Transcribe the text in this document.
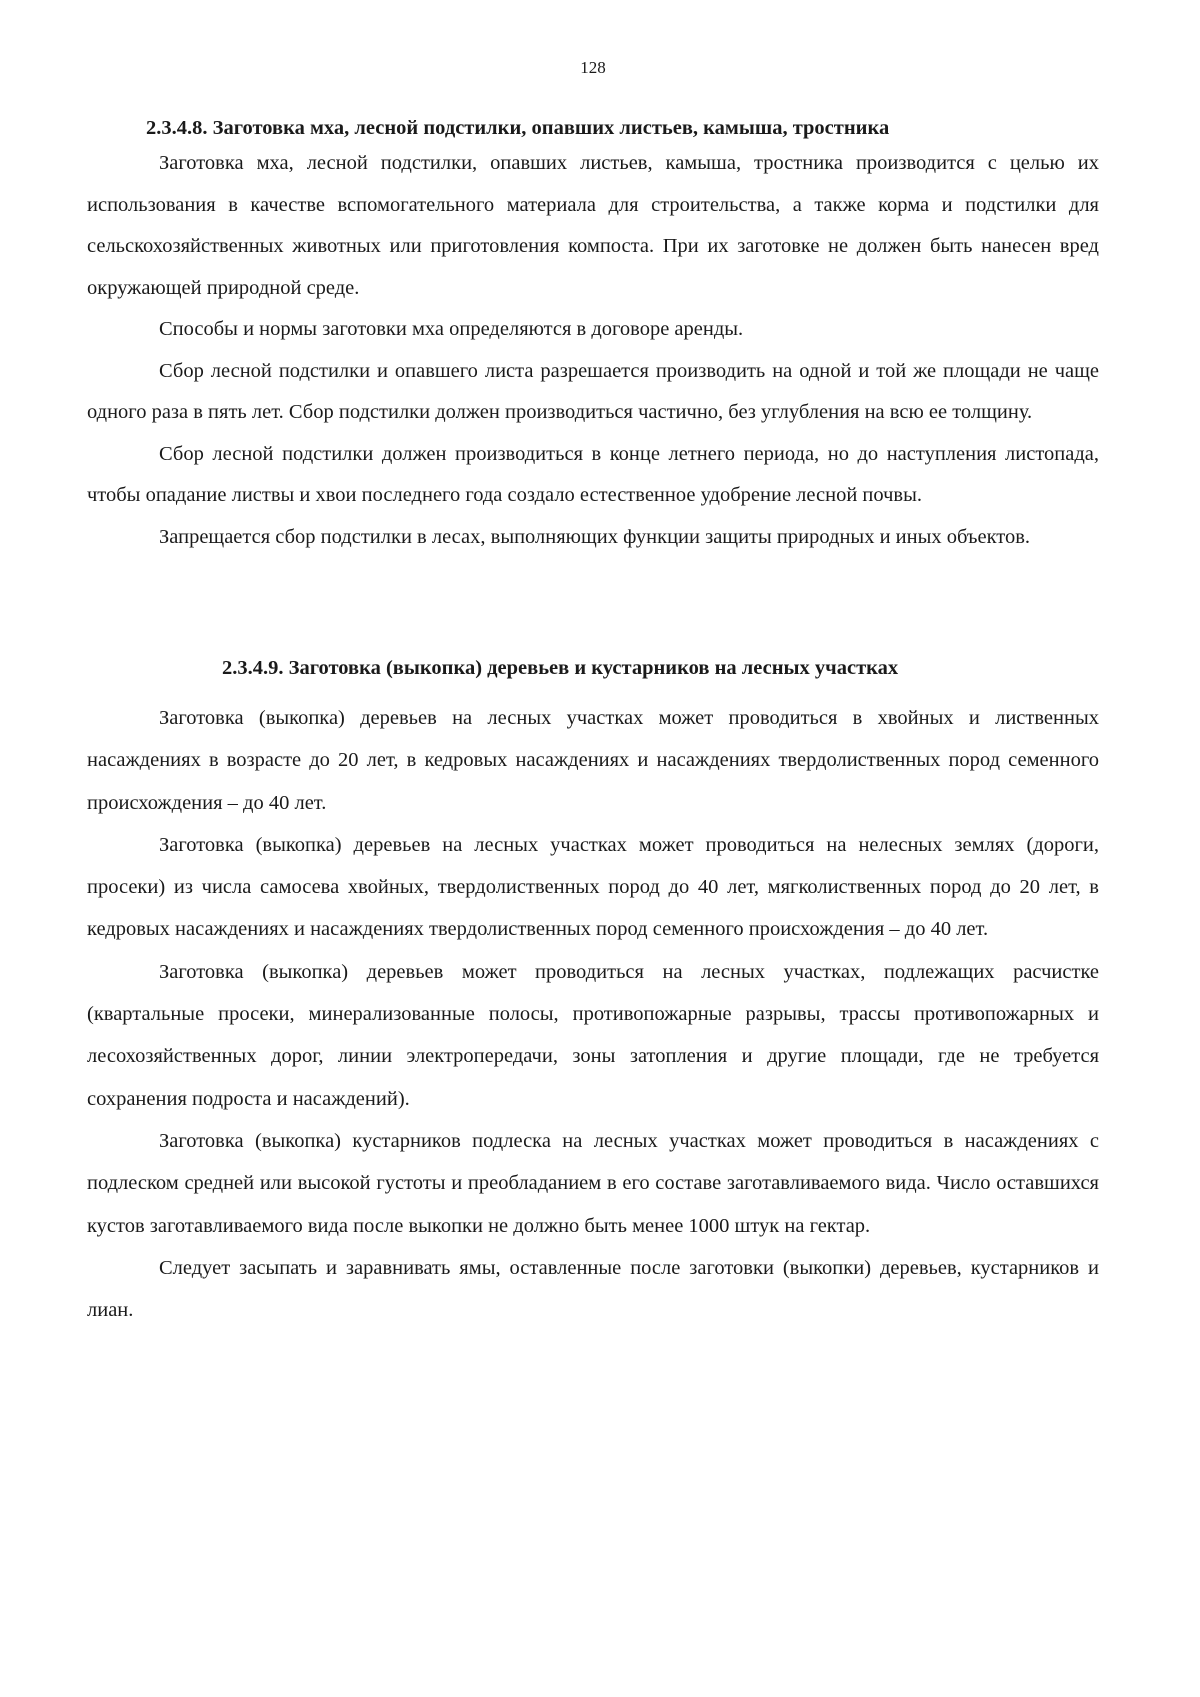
128
2.3.4.8. Заготовка мха, лесной подстилки, опавших листьев, камыша, тростника

Заготовка мха, лесной подстилки, опавших листьев, камыша, тростника производится с целью их использования в качестве вспомогательного материала для строительства, а также корма и подстилки для сельскохозяйственных животных или приготовления компоста. При их заготовке не должен быть нанесен вред окружающей природной среде.

Способы и нормы заготовки мха определяются в договоре аренды.

Сбор лесной подстилки и опавшего листа разрешается производить на одной и той же площади не чаще одного раза в пять лет. Сбор подстилки должен производиться частично, без углубления на всю ее толщину.

Сбор лесной подстилки должен производиться в конце летнего периода, но до наступления листопада, чтобы опадание листвы и хвои последнего года создало естественное удобрение лесной почвы.

Запрещается сбор подстилки в лесах, выполняющих функции защиты природных и иных объектов.

2.3.4.9. Заготовка (выкопка) деревьев и кустарников на лесных участках

Заготовка (выкопка) деревьев на лесных участках может проводиться в хвойных и лиственных насаждениях в возрасте до 20 лет, в кедровых насаждениях и насаждениях твердолиственных пород семенного происхождения – до 40 лет.

Заготовка (выкопка) деревьев на лесных участках может проводиться на нелесных землях (дороги, просеки) из числа самосева хвойных, твердолиственных пород до 40 лет, мягколиственных пород до 20 лет, в кедровых насаждениях и насаждениях твердолиственных пород семенного происхождения – до 40 лет.

Заготовка (выкопка) деревьев может проводиться на лесных участках, подлежащих расчистке (квартальные просеки, минерализованные полосы, противопожарные разрывы, трассы противопожарных и лесохозяйственных дорог, линии электропередачи, зоны затопления и другие площади, где не требуется сохранения подроста и насаждений).

Заготовка (выкопка) кустарников подлеска на лесных участках может проводиться в насаждениях с подлеском средней или высокой густоты и преобладанием в его составе заготавливаемого вида. Число оставшихся кустов заготавливаемого вида после выкопки не должно быть менее 1000 штук на гектар.

Следует засыпать и заравнивать ямы, оставленные после заготовки (выкопки) деревьев, кустарников и лиан.
